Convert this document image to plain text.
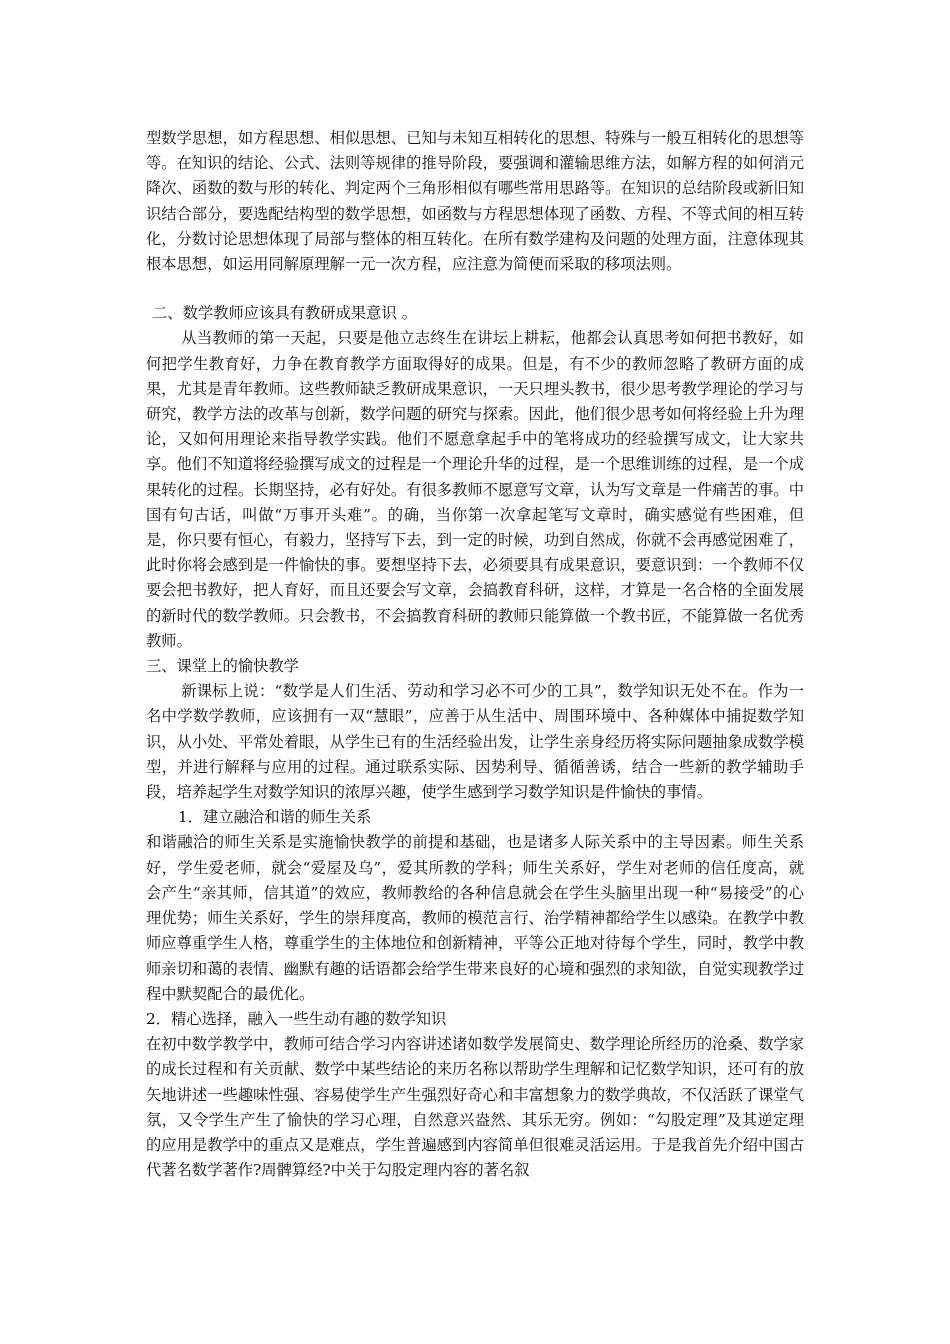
型数学思想，如方程思想、相似思想、已知与未知互相转化的思想、特殊与一般互相转化的思想等等。在知识的结论、公式、法则等规律的推导阶段，要强调和灌输思维方法，如解方程的如何消元降次、函数的数与形的转化、判定两个三角形相似有哪些常用思路等。在知识的总结阶段或新旧知识结合部分，要选配结构型的数学思想，如函数与方程思想体现了函数、方程、不等式间的相互转化，分数讨论思想体现了局部与整体的相互转化。在所有数学建构及问题的处理方面，注意体现其根本思想，如运用同解原理解一元一次方程，应注意为简便而采取的移项法则。

二、数学教师应该具有教研成果意识 。

从当教师的第一天起，只要是他立志终生在讲坛上耕耘，他都会认真思考如何把书教好，如何把学生教育好，力争在教育教学方面取得好的成果。但是，有不少的教师忽略了教研方面的成果，尤其是青年教师。这些教师缺乏教研成果意识，一天只埋头教书，很少思考教学理论的学习与研究，教学方法的改革与创新，数学问题的研究与探索。因此，他们很少思考如何将经验上升为理论，又如何用理论来指导教学实践。他们不愿意拿起手中的笔将成功的经验撰写成文，让大家共享。他们不知道将经验撰写成文的过程是一个理论升华的过程，是一个思维训练的过程，是一个成果转化的过程。长期坚持，必有好处。有很多教师不愿意写文章，认为写文章是一件痛苦的事。中国有句古话，叫做“万事开头难”。的确，当你第一次拿起笔写文章时，确实感觉有些困难，但是，你只要有恒心，有毅力，坚持写下去，到一定的时候，功到自然成，你就不会再感觉困难了，此时你将会感到是一件愉快的事。要想坚持下去，必须要具有成果意识，要意识到：一个教师不仅要会把书教好，把人育好，而且还要会写文章，会搞教育科研，这样，才算是一名合格的全面发展的新时代的数学教师。只会教书，不会搞教育科研的教师只能算做一个教书匠，不能算做一名优秀教师。

三、课堂上的愉快教学

新课标上说：“数学是人们生活、劳动和学习必不可少的工具”，数学知识无处不在。作为一名中学数学教师，应该拥有一双“慧眼”，应善于从生活中、周围环境中、各种媒体中捕捉数学知识，从小处、平常处着眼，从学生已有的生活经验出发，让学生亲身经历将实际问题抽象成数学模型，并进行解释与应用的过程。通过联系实际、因势利导、循循善诱，结合一些新的教学辅助手段，培养起学生对数学知识的浓厚兴趣，使学生感到学习数学知识是件愉快的事情。

1．建立融洽和谐的师生关系

和谐融洽的师生关系是实施愉快教学的前提和基础，也是诸多人际关系中的主导因素。师生关系好，学生爱老师，就会“爱屋及乌”，爱其所教的学科；师生关系好，学生对老师的信任度高，就会产生“亲其师，信其道”的效应，教师教给的各种信息就会在学生头脑里出现一种“易接受”的心理优势；师生关系好，学生的崇拜度高，教师的模范言行、治学精神都给学生以感染。在教学中教师应尊重学生人格，尊重学生的主体地位和创新精神，平等公正地对待每个学生，同时，教学中教师亲切和蔼的表情、幽默有趣的话语都会给学生带来良好的心境和强烈的求知欲，自觉实现教学过程中默契配合的最优化。

2．精心选择，融入一些生动有趣的数学知识

在初中数学教学中，教师可结合学习内容讲述诸如数学发展简史、数学理论所经历的沧桑、数学家的成长过程和有关贡献、数学中某些结论的来历名称以帮助学生理解和记忆数学知识，还可有的放矢地讲述一些趣味性强、容易使学生产生强烈好奇心和丰富想象力的数学典故，不仅活跃了课堂气氛，又令学生产生了愉快的学习心理，自然意兴盎然、其乐无穷。例如：“勾股定理”及其逆定理的应用是教学中的重点又是难点，学生普遍感到内容简单但很难灵活运用。于是我首先介绍中国古代著名数学著作?周髀算经?中关于勾股定理内容的著名叙
